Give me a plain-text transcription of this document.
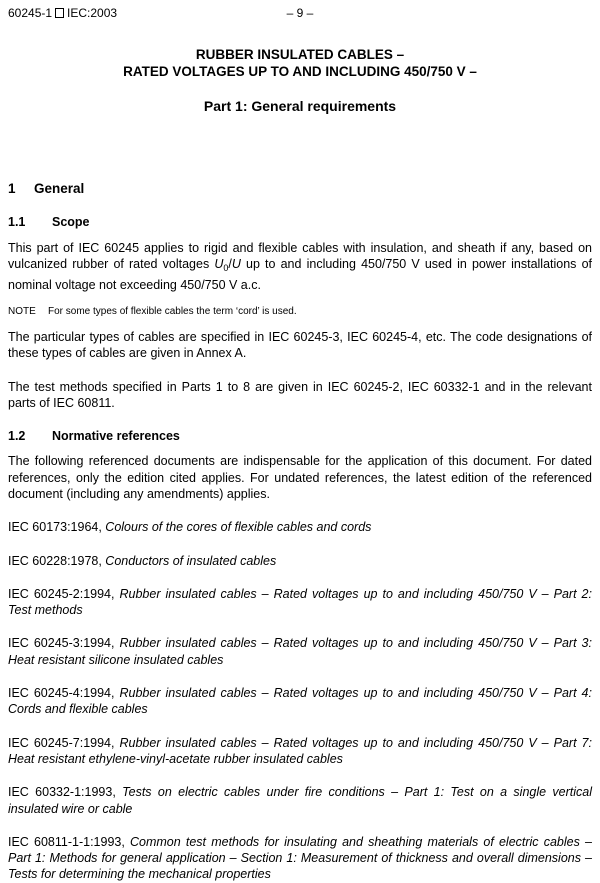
60245-1 IEC:2003	– 9 –
RUBBER INSULATED CABLES –
RATED VOLTAGES UP TO AND INCLUDING 450/750 V –
Part 1: General requirements
1 General
1.1 Scope

This part of IEC 60245 applies to rigid and flexible cables with insulation, and sheath if any, based on vulcanized rubber of rated voltages $U_0/U$ up to and including 450/750 V used in power installations of nominal voltage not exceeding 450/750 V a.c.

NOTE For some types of flexible cables the term ‘cord’ is used.

The particular types of cables are specified in IEC 60245-3, IEC 60245-4, etc. The code designations of these types of cables are given in Annex A.

The test methods specified in Parts 1 to 8 are given in IEC 60245-2, IEC 60332-1 and in the relevant parts of IEC 60811.

1.2 Normative references

The following referenced documents are indispensable for the application of this document. For dated references, only the edition cited applies. For undated references, the latest edition of the referenced document (including any amendments) applies.

IEC 60173:1964, Colours of the cores of flexible cables and cords
IEC 60228:1978, Conductors of insulated cables
IEC 60245-2:1994, Rubber insulated cables – Rated voltages up to and including 450/750 V – Part 2: Test methods
IEC 60245-3:1994, Rubber insulated cables – Rated voltages up to and including 450/750 V – Part 3: Heat resistant silicone insulated cables
IEC 60245-4:1994, Rubber insulated cables – Rated voltages up to and including 450/750 V – Part 4: Cords and flexible cables
IEC 60245-7:1994, Rubber insulated cables – Rated voltages up to and including 450/750 V – Part 7: Heat resistant ethylene-vinyl-acetate rubber insulated cables
IEC 60332-1:1993, Tests on electric cables under fire conditions – Part 1: Test on a single vertical insulated wire or cable
IEC 60811-1-1:1993, Common test methods for insulating and sheathing materials of electric cables – Part 1: Methods for general application – Section 1: Measurement of thickness and overall dimensions – Tests for determining the mechanical properties
